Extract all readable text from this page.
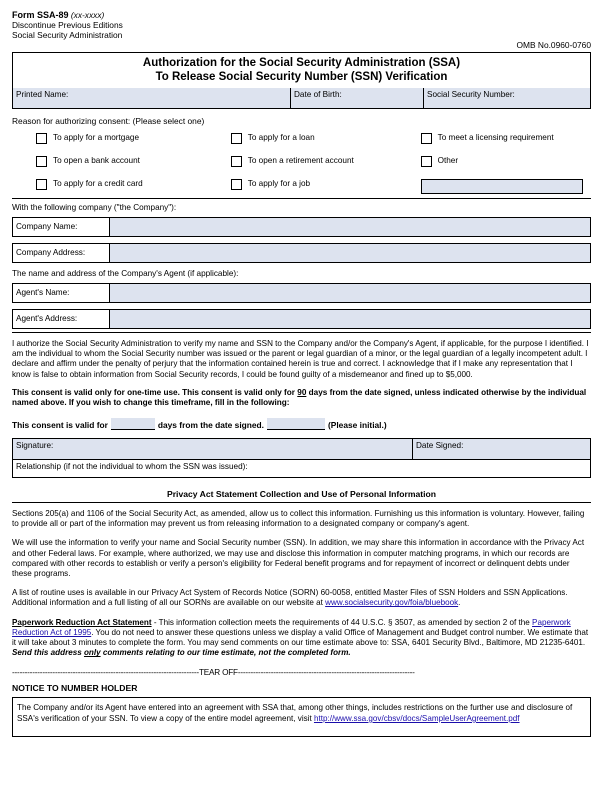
Form SSA-89 (xx-xxxx)
Discontinue Previous Editions
Social Security Administration
OMB No.0960-0760
Authorization for the Social Security Administration (SSA)
To Release Social Security Number (SSN) Verification
Printed Name:	Date of Birth:	Social Security Number:
Reason for authorizing consent: (Please select one)
To apply for a mortgage	To apply for a loan	To meet a licensing requirement
To open a bank account	To open a retirement account	Other
To apply for a credit card	To apply for a job
With the following company ("the Company"):
Company Name:
Company Address:
The name and address of the Company's Agent (if applicable):
Agent's Name:
Agent's Address:
I authorize the Social Security Administration to verify my name and SSN to the Company and/or the Company's Agent, if applicable, for the purpose I identified. I am the individual to whom the Social Security number was issued or the parent or legal guardian of a minor, or the legal guardian of a legally incompetent adult. I declare and affirm under the penalty of perjury that the information contained herein is true and correct. I acknowledge that if I make any representation that I know is false to obtain information from Social Security records, I could be found guilty of a misdemeanor and fined up to $5,000.
This consent is valid only for one-time use. This consent is valid only for 90 days from the date signed, unless indicated otherwise by the individual named above. If you wish to change this timeframe, fill in the following:
This consent is valid for	days from the date signed.	(Please initial.)
Signature:	Date Signed:
Relationship (if not the individual to whom the SSN was issued):
Privacy Act Statement Collection and Use of Personal Information
Sections 205(a) and 1106 of the Social Security Act, as amended, allow us to collect this information. Furnishing us this information is voluntary. However, failing to provide all or part of the information may prevent us from releasing information to a designated company or company's agent.
We will use the information to verify your name and Social Security number (SSN). In addition, we may share this information in accordance with the Privacy Act and other Federal laws. For example, where authorized, we may use and disclose this information in computer matching programs, in which our records are compared with other records to establish or verify a person's eligibility for Federal benefit programs and for repayment of incorrect or delinquent debts under these programs.
A list of routine uses is available in our Privacy Act System of Records Notice (SORN) 60-0058, entitled Master Files of SSN Holders and SSN Applications. Additional information and a full listing of all our SORNs are available on our website at www.socialsecurity.gov/foia/bluebook.
Paperwork Reduction Act Statement - This information collection meets the requirements of 44 U.S.C. § 3507, as amended by section 2 of the Paperwork Reduction Act of 1995. You do not need to answer these questions unless we display a valid Office of Management and Budget control number. We estimate that it will take about 3 minutes to complete the form. You may send comments on our time estimate above to: SSA, 6401 Security Blvd., Baltimore, MD 21235-6401. Send this address only comments relating to our time estimate, not the completed form.
--------------------------------------------------------------------------TEAR OFF----------------------------------------------------------------------
NOTICE TO NUMBER HOLDER
The Company and/or its Agent have entered into an agreement with SSA that, among other things, includes restrictions on the further use and disclosure of SSA's verification of your SSN. To view a copy of the entire model agreement, visit http://www.ssa.gov/cbsv/docs/SampleUserAgreement.pdf
